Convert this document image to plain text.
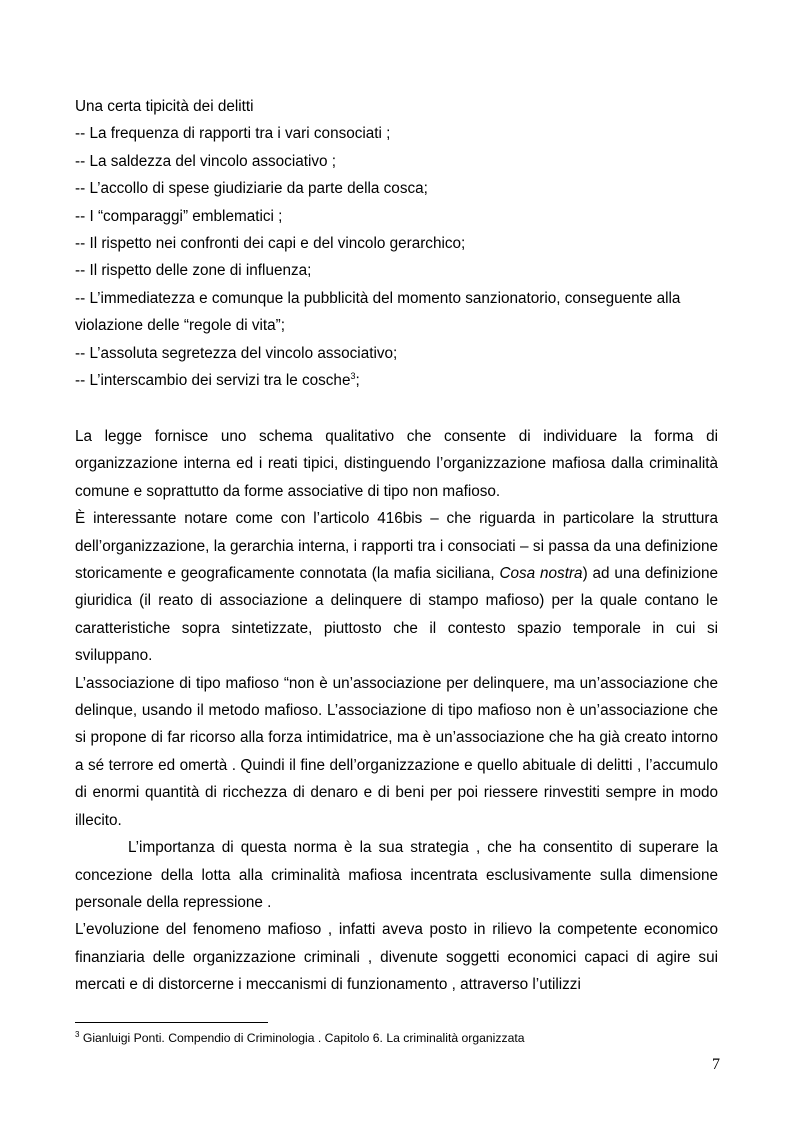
Una certa tipicità dei delitti

-- La frequenza di rapporti tra i vari consociati ;

-- La saldezza del vincolo associativo ;

-- L’accollo di spese giudiziarie da parte della cosca;

-- I “comparaggi” emblematici ;

-- Il rispetto nei confronti dei capi e del vincolo gerarchico;

-- Il rispetto delle zone di influenza;

-- L’immediatezza e comunque la pubblicità del momento sanzionatorio, conseguente alla violazione delle “regole di vita”;

-- L’assoluta segretezza del vincolo associativo;

-- L’interscambio dei servizi tra le cosche$^3$;

La legge fornisce uno schema qualitativo che consente di individuare la forma di organizzazione interna ed i reati tipici, distinguendo l’organizzazione mafiosa dalla criminalità comune e soprattutto da forme associative di tipo non mafioso.

È interessante notare come con l’articolo 416bis – che riguarda in particolare la struttura dell’organizzazione, la gerarchia interna, i rapporti tra i consociati – si passa da una definizione storicamente e geograficamente connotata (la mafia siciliana, Cosa nostra) ad una definizione giuridica (il reato di associazione a delinquere di stampo mafioso) per la quale contano le caratteristiche sopra sintetizzate, piuttosto che il contesto spazio temporale in cui si sviluppano.

L’associazione di tipo mafioso “non è un’associazione per delinquere, ma un’associazione che delinque, usando il metodo mafioso. L’associazione di tipo mafioso non è un’associazione che si propone di far ricorso alla forza intimidatrice, ma è un’associazione che ha già creato intorno a sé terrore ed omertà . Quindi il fine dell’organizzazione e quello abituale di delitti , l’accumulo di enormi quantità di ricchezza di denaro e di beni per poi riessere rinvestiti sempre in modo illecito.

L’importanza di questa norma è la sua strategia , che ha consentito di superare la concezione della lotta alla criminalità mafiosa incentrata esclusivamente sulla dimensione personale della repressione .

L’evoluzione del fenomeno mafioso , infatti aveva posto in rilievo la competente economico finanziaria delle organizzazione criminali , divenute soggetti economici capaci di agire sui mercati e di distorcerne i meccanismi di funzionamento , attraverso l’utilizzi

$^3$ Gianluigi Ponti. Compendio di Criminologia . Capitolo 6. La criminalità organizzata
7
